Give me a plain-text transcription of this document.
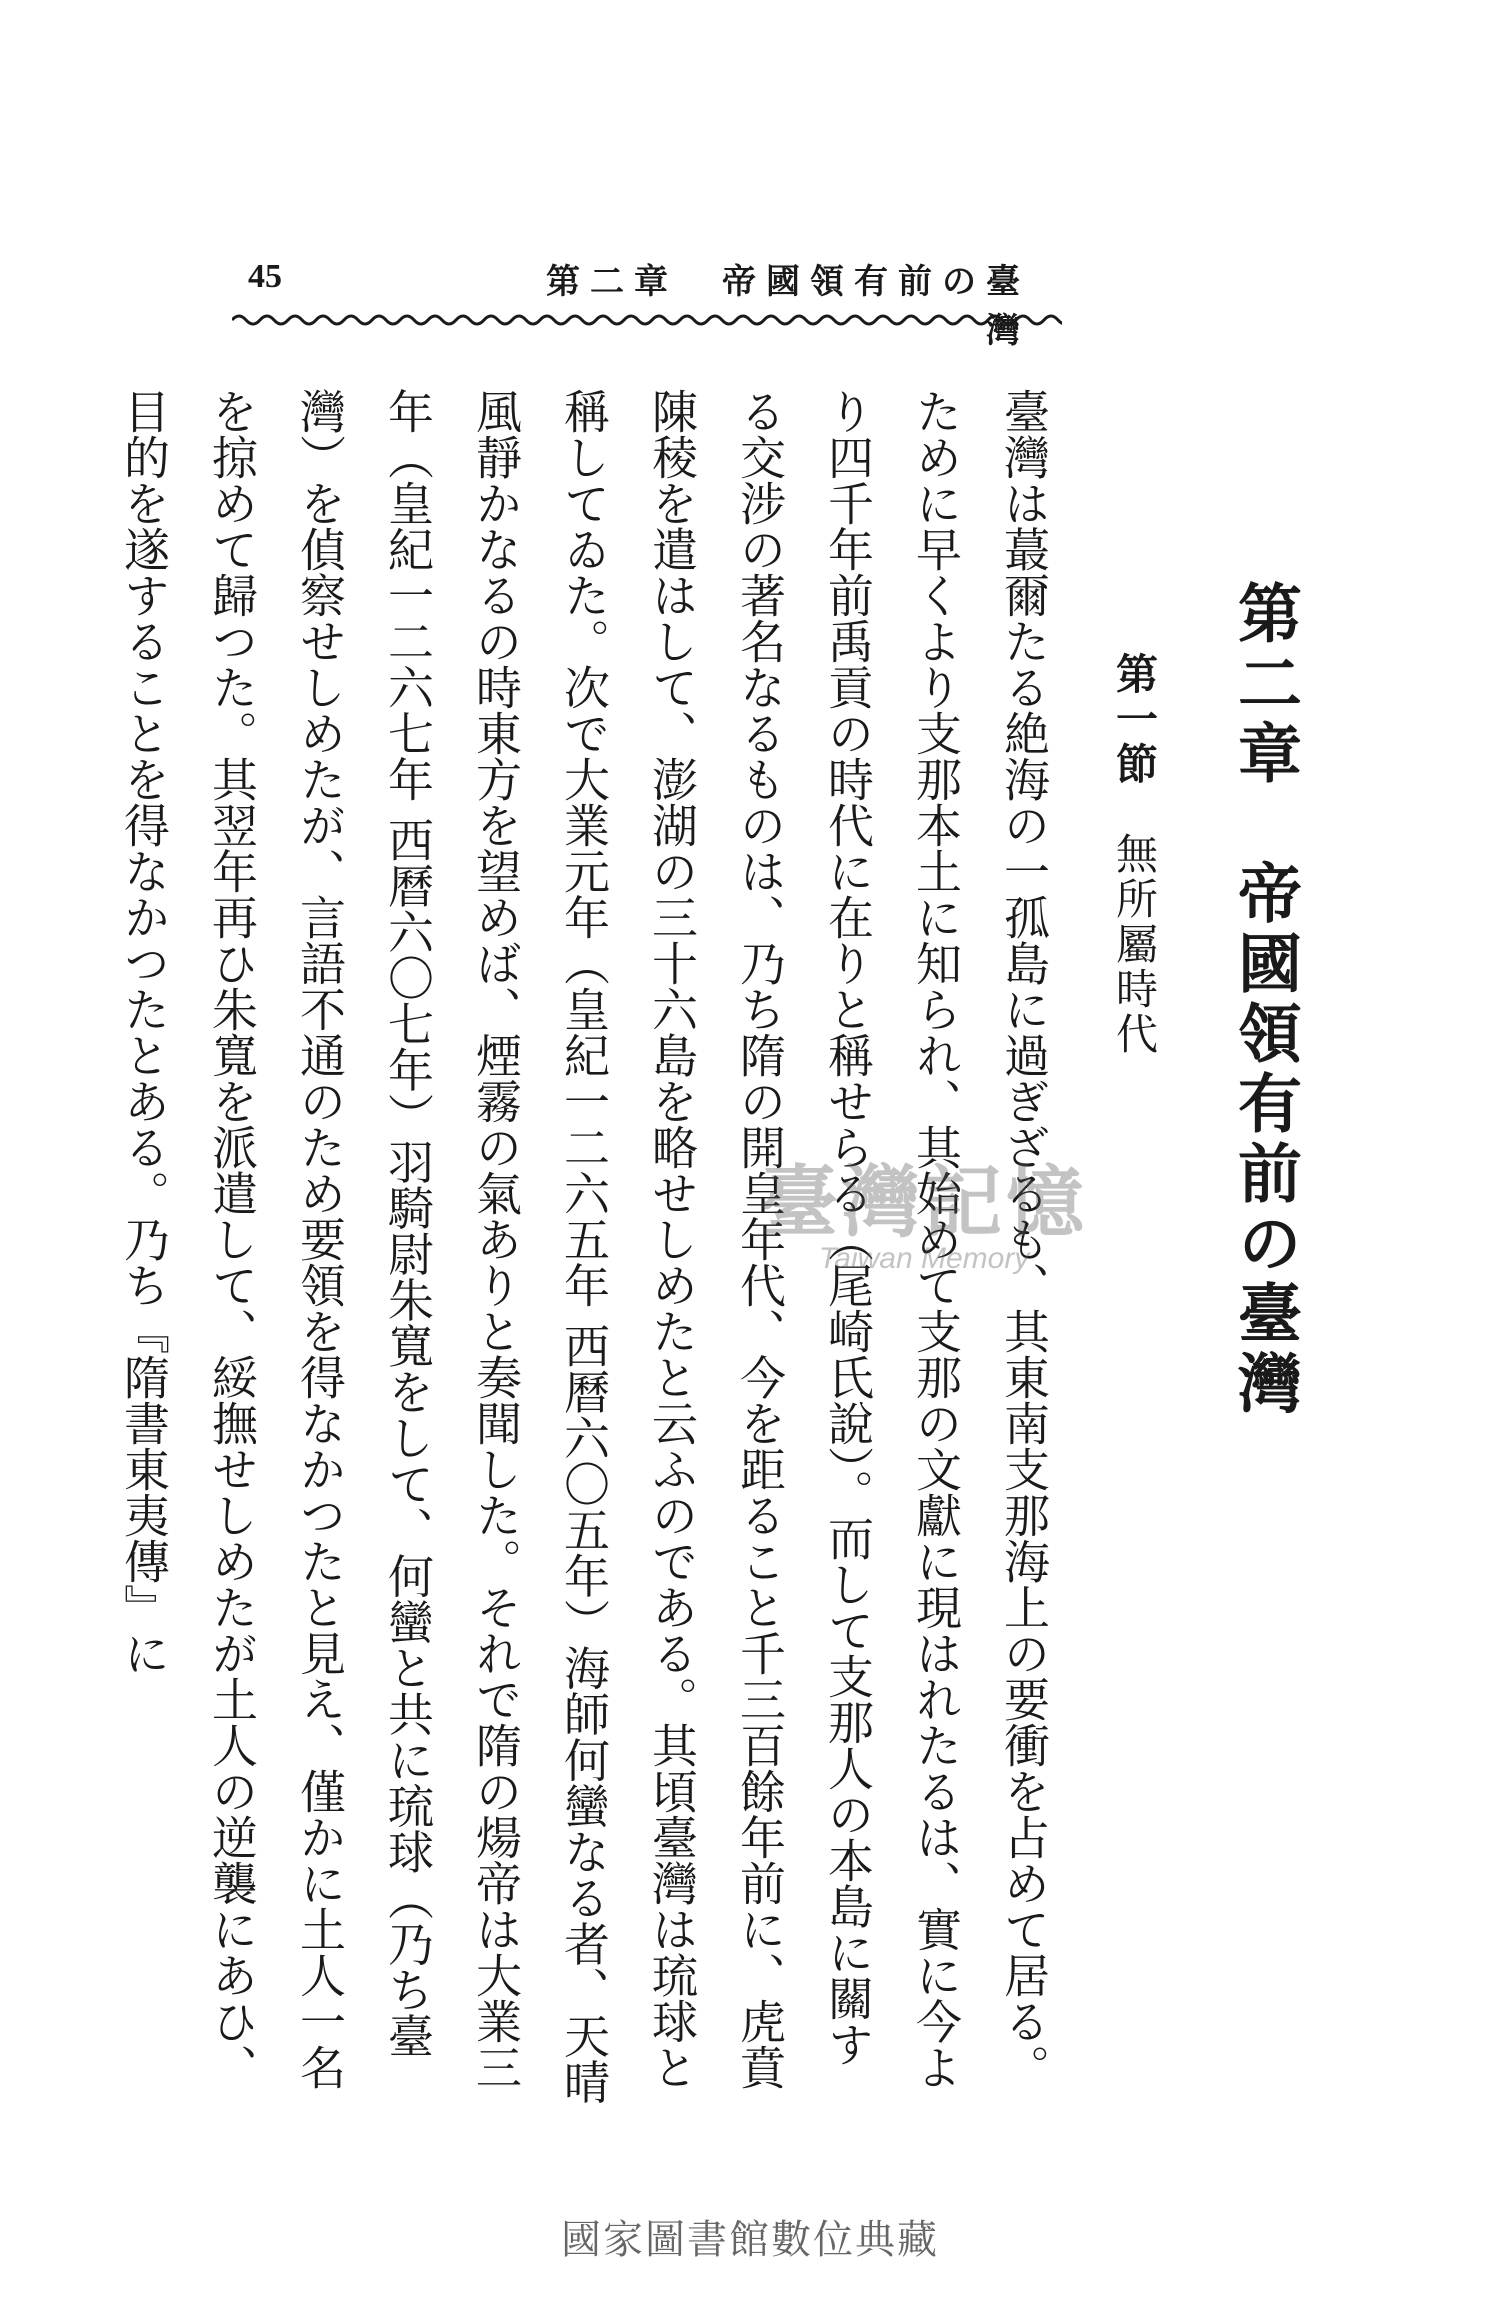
45	第二章　帝國領有前の臺灣
第二章　帝國領有前の臺灣
第一節　無所屬時代

臺灣は蕞爾たる絶海の一孤島に過ぎざるも、其東南支那海上の要衝を占めて居る。ために早くより支那本土に知られ、其始めて支那の文獻に現はれたるは、實に今より四千年前禹貢の時代に在りと稱せらる（尾崎氏說）。而して支那人の本島に關する交涉の著名なるものは、乃ち隋の開皇年代、今を距ること千三百餘年前に、虎賁陳稜を遣はして、澎湖の三十六島を略せしめたと云ふのである。其頃臺灣は琉球と稱してゐた。次で大業元年（皇紀一二六五年 西曆六〇五年）海師何蠻なる者、天晴風靜かなるの時東方を望めば、煙霧の氣ありと奏聞した。それで隋の煬帝は大業三年（皇紀一二六七年 西曆六〇七年）羽騎尉朱寬をして、何蠻と共に琉球（乃ち臺灣）を偵察せしめたが、言語不通のため要領を得なかつたと見え、僅かに土人一名を掠めて歸つた。其翌年再ひ朱寬を派遣して、綏撫せしめたが土人の逆襲にあひ、目的を遂することを得なかつたとある。乃ち『隋書東夷傳』に	臺灣記憶
Taiwan Memory
國家圖書館數位典藏
